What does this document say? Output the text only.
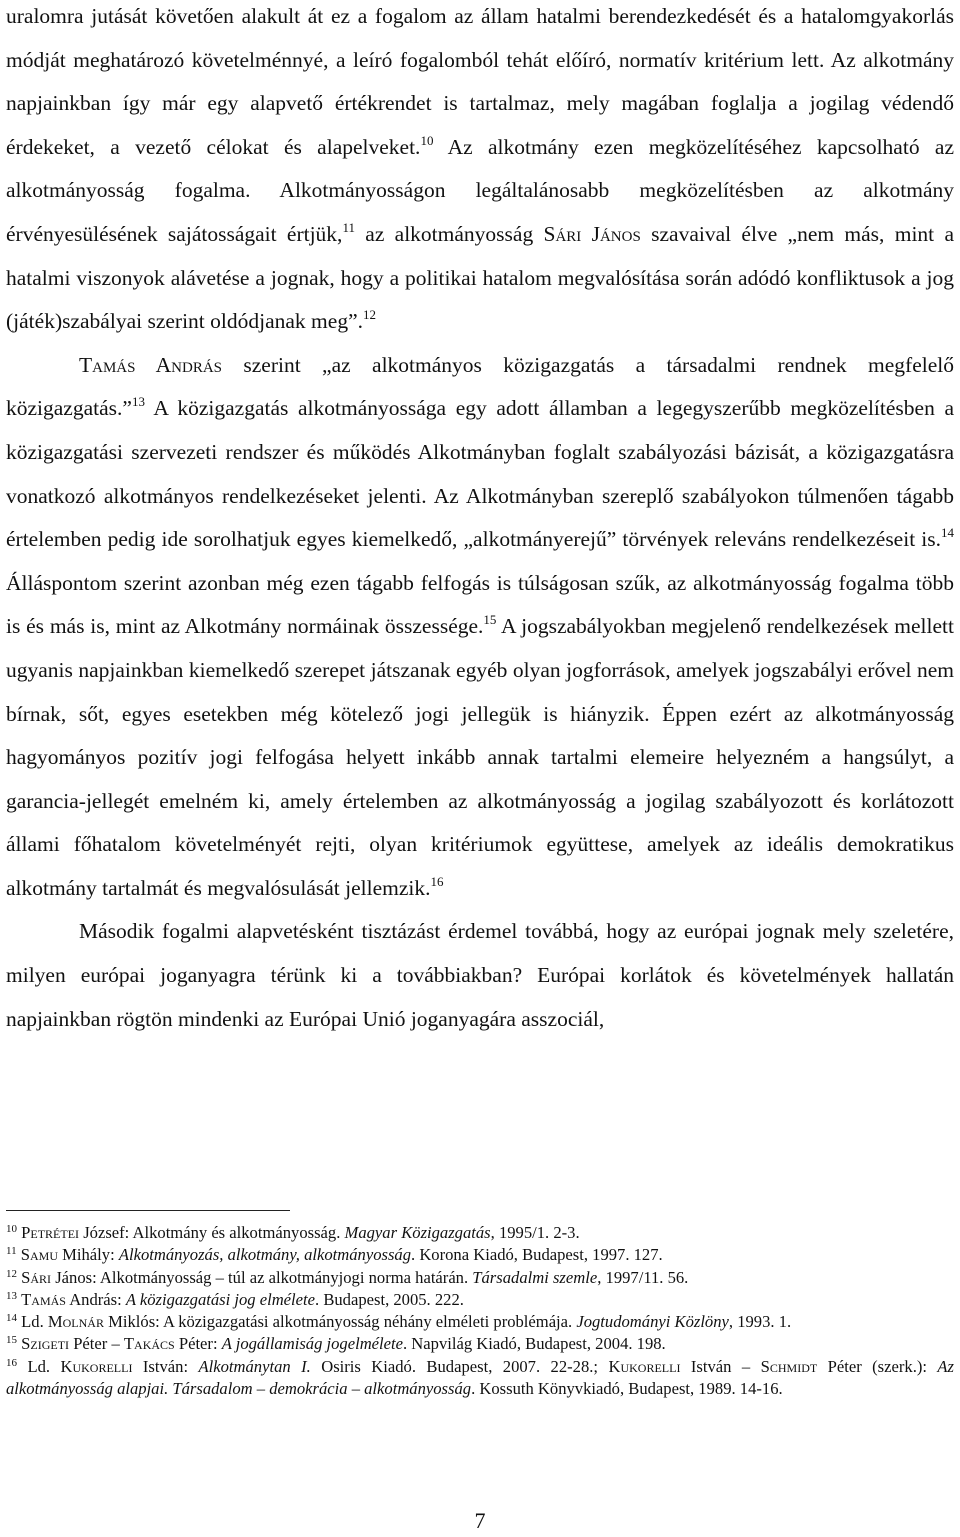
uralomra jutását követően alakult át ez a fogalom az állam hatalmi berendezkedését és a hatalomgyakorlás módját meghatározó követelménnyé, a leíró fogalomból tehát előíró, normatív kritérium lett. Az alkotmány napjainkban így már egy alapvető értékrendet is tartalmaz, mely magában foglalja a jogilag védendő érdekeket, a vezető célokat és alapelveket.$^{10}$ Az alkotmány ezen megközelítéséhez kapcsolható az alkotmányosság fogalma. Alkotmányosságon legáltalánosabb megközelítésben az alkotmány érvényesülésének sajátosságait értjük,$^{11}$ az alkotmányosság Sári János szavaival élve „nem más, mint a hatalmi viszonyok alávetése a jognak, hogy a politikai hatalom megvalósítása során adódó konfliktusok a jog (játék)szabályai szerint oldódjanak meg”.$^{12}$

Tamás András szerint „az alkotmányos közigazgatás a társadalmi rendnek megfelelő közigazgatás.”$^{13}$ A közigazgatás alkotmányossága egy adott államban a legegyszerűbb megközelítésben a közigazgatási szervezeti rendszer és működés Alkotmányban foglalt szabályozási bázisát, a közigazgatásra vonatkozó alkotmányos rendelkezéseket jelenti. Az Alkotmányban szereplő szabályokon túlmenően tágabb értelemben pedig ide sorolhatjuk egyes kiemelkedő, „alkotmányerejű” törvények releváns rendelkezéseit is.$^{14}$ Álláspontom szerint azonban még ezen tágabb felfogás is túlságosan szűk, az alkotmányosság fogalma több is és más is, mint az Alkotmány normáinak összessége.$^{15}$ A jogszabályokban megjelenő rendelkezések mellett ugyanis napjainkban kiemelkedő szerepet játszanak egyéb olyan jogforrások, amelyek jogszabályi erővel nem bírnak, sőt, egyes esetekben még kötelező jogi jellegük is hiányzik. Éppen ezért az alkotmányosság hagyományos pozitív jogi felfogása helyett inkább annak tartalmi elemeire helyezném a hangsúlyt, a garancia-jellegét emelném ki, amely értelemben az alkotmányosság a jogilag szabályozott és korlátozott állami főhatalom követelményét rejti, olyan kritériumok együttese, amelyek az ideális demokratikus alkotmány tartalmát és megvalósulását jellemzik.$^{16}$

Második fogalmi alapvetésként tisztázást érdemel továbbá, hogy az európai jognak mely szeletére, milyen európai joganyagra térünk ki a továbbiakban? Európai korlátok és követelmények hallatán napjainkban rögtön mindenki az Európai Unió joganyagára asszociál,

$^{10}$ Petrétei József: Alkotmány és alkotmányosság. Magyar Közigazgatás, 1995/1. 2-3.
$^{11}$ Samu Mihály: Alkotmányozás, alkotmány, alkotmányosság. Korona Kiadó, Budapest, 1997. 127.
$^{12}$ Sári János: Alkotmányosság – túl az alkotmányjogi norma határán. Társadalmi szemle, 1997/11. 56.
$^{13}$ Tamás András: A közigazgatási jog elmélete. Budapest, 2005. 222.
$^{14}$ Ld. Molnár Miklós: A közigazgatási alkotmányosság néhány elméleti problémája. Jogtudományi Közlöny, 1993. 1.
$^{15}$ Szigeti Péter – Takács Péter: A jogállamiság jogelmélete. Napvilág Kiadó, Budapest, 2004. 198.
$^{16}$ Ld. Kukorelli István: Alkotmánytan I. Osiris Kiadó. Budapest, 2007. 22-28.; Kukorelli István – Schmidt Péter (szerk.): Az alkotmányosság alapjai. Társadalom – demokrácia – alkotmányosság. Kossuth Könyvkiadó, Budapest, 1989. 14-16.
7
